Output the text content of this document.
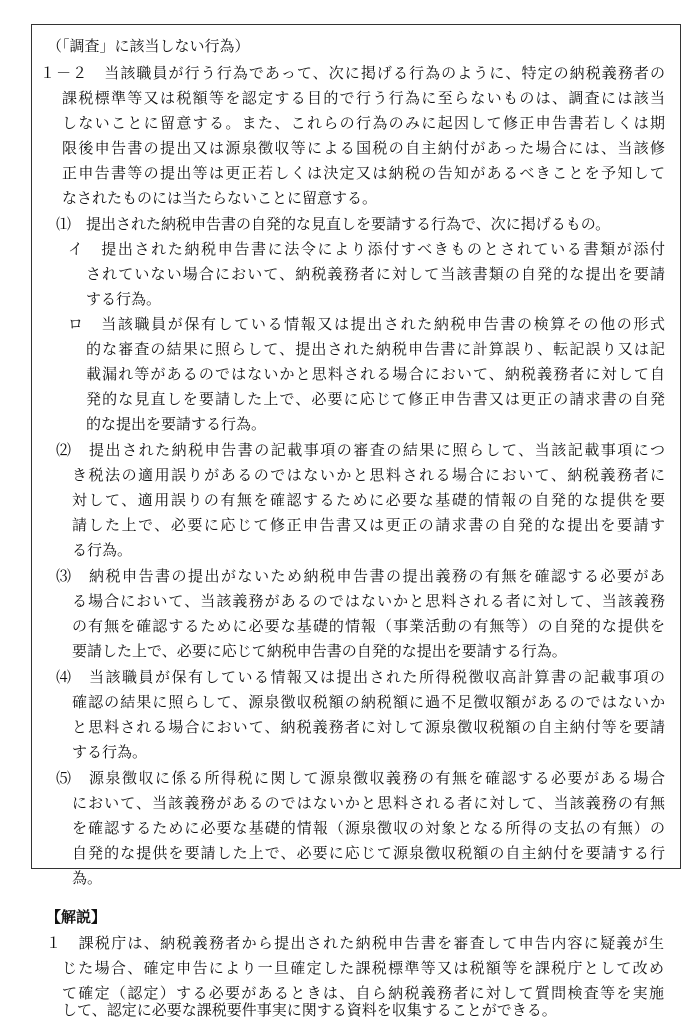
（「調査」に該当しない行為）
１－２　当該職員が行う行為であって、次に掲げる行為のように、特定の納税義務者の
課税標準等又は税額等を認定する目的で行う行為に至らないものは、調査には該当
しないことに留意する。また、これらの行為のみに起因して修正申告書若しくは期
限後申告書の提出又は源泉徴収等による国税の自主納付があった場合には、当該修
正申告書等の提出等は更正若しくは決定又は納税の告知があるべきことを予知して
なされたものには当たらないことに留意する。
⑴　提出された納税申告書の自発的な見直しを要請する行為で、次に掲げるもの。
イ　提出された納税申告書に法令により添付すべきものとされている書類が添付
されていない場合において、納税義務者に対して当該書類の自発的な提出を要請
する行為。
ロ　当該職員が保有している情報又は提出された納税申告書の検算その他の形式
的な審査の結果に照らして、提出された納税申告書に計算誤り、転記誤り又は記
載漏れ等があるのではないかと思料される場合において、納税義務者に対して自
発的な見直しを要請した上で、必要に応じて修正申告書又は更正の請求書の自発
的な提出を要請する行為。
⑵　提出された納税申告書の記載事項の審査の結果に照らして、当該記載事項につ
き税法の適用誤りがあるのではないかと思料される場合において、納税義務者に
対して、適用誤りの有無を確認するために必要な基礎的情報の自発的な提供を要
請した上で、必要に応じて修正申告書又は更正の請求書の自発的な提出を要請す
る行為。
⑶　納税申告書の提出がないため納税申告書の提出義務の有無を確認する必要があ
る場合において、当該義務があるのではないかと思料される者に対して、当該義務
の有無を確認するために必要な基礎的情報（事業活動の有無等）の自発的な提供を
要請した上で、必要に応じて納税申告書の自発的な提出を要請する行為。
⑷　当該職員が保有している情報又は提出された所得税徴収高計算書の記載事項の
確認の結果に照らして、源泉徴収税額の納税額に過不足徴収額があるのではないか
と思料される場合において、納税義務者に対して源泉徴収税額の自主納付等を要請
する行為。
⑸　源泉徴収に係る所得税に関して源泉徴収義務の有無を確認する必要がある場合
において、当該義務があるのではないかと思料される者に対して、当該義務の有無
を確認するために必要な基礎的情報（源泉徴収の対象となる所得の支払の有無）の
自発的な提供を要請した上で、必要に応じて源泉徴収税額の自主納付を要請する行
為。
【解説】
１　課税庁は、納税義務者から提出された納税申告書を審査して申告内容に疑義が生
じた場合、確定申告により一旦確定した課税標準等又は税額等を課税庁として改め
て確定（認定）する必要があるときは、自ら納税義務者に対して質問検査等を実施
して、認定に必要な課税要件事実に関する資料を収集することができる。
